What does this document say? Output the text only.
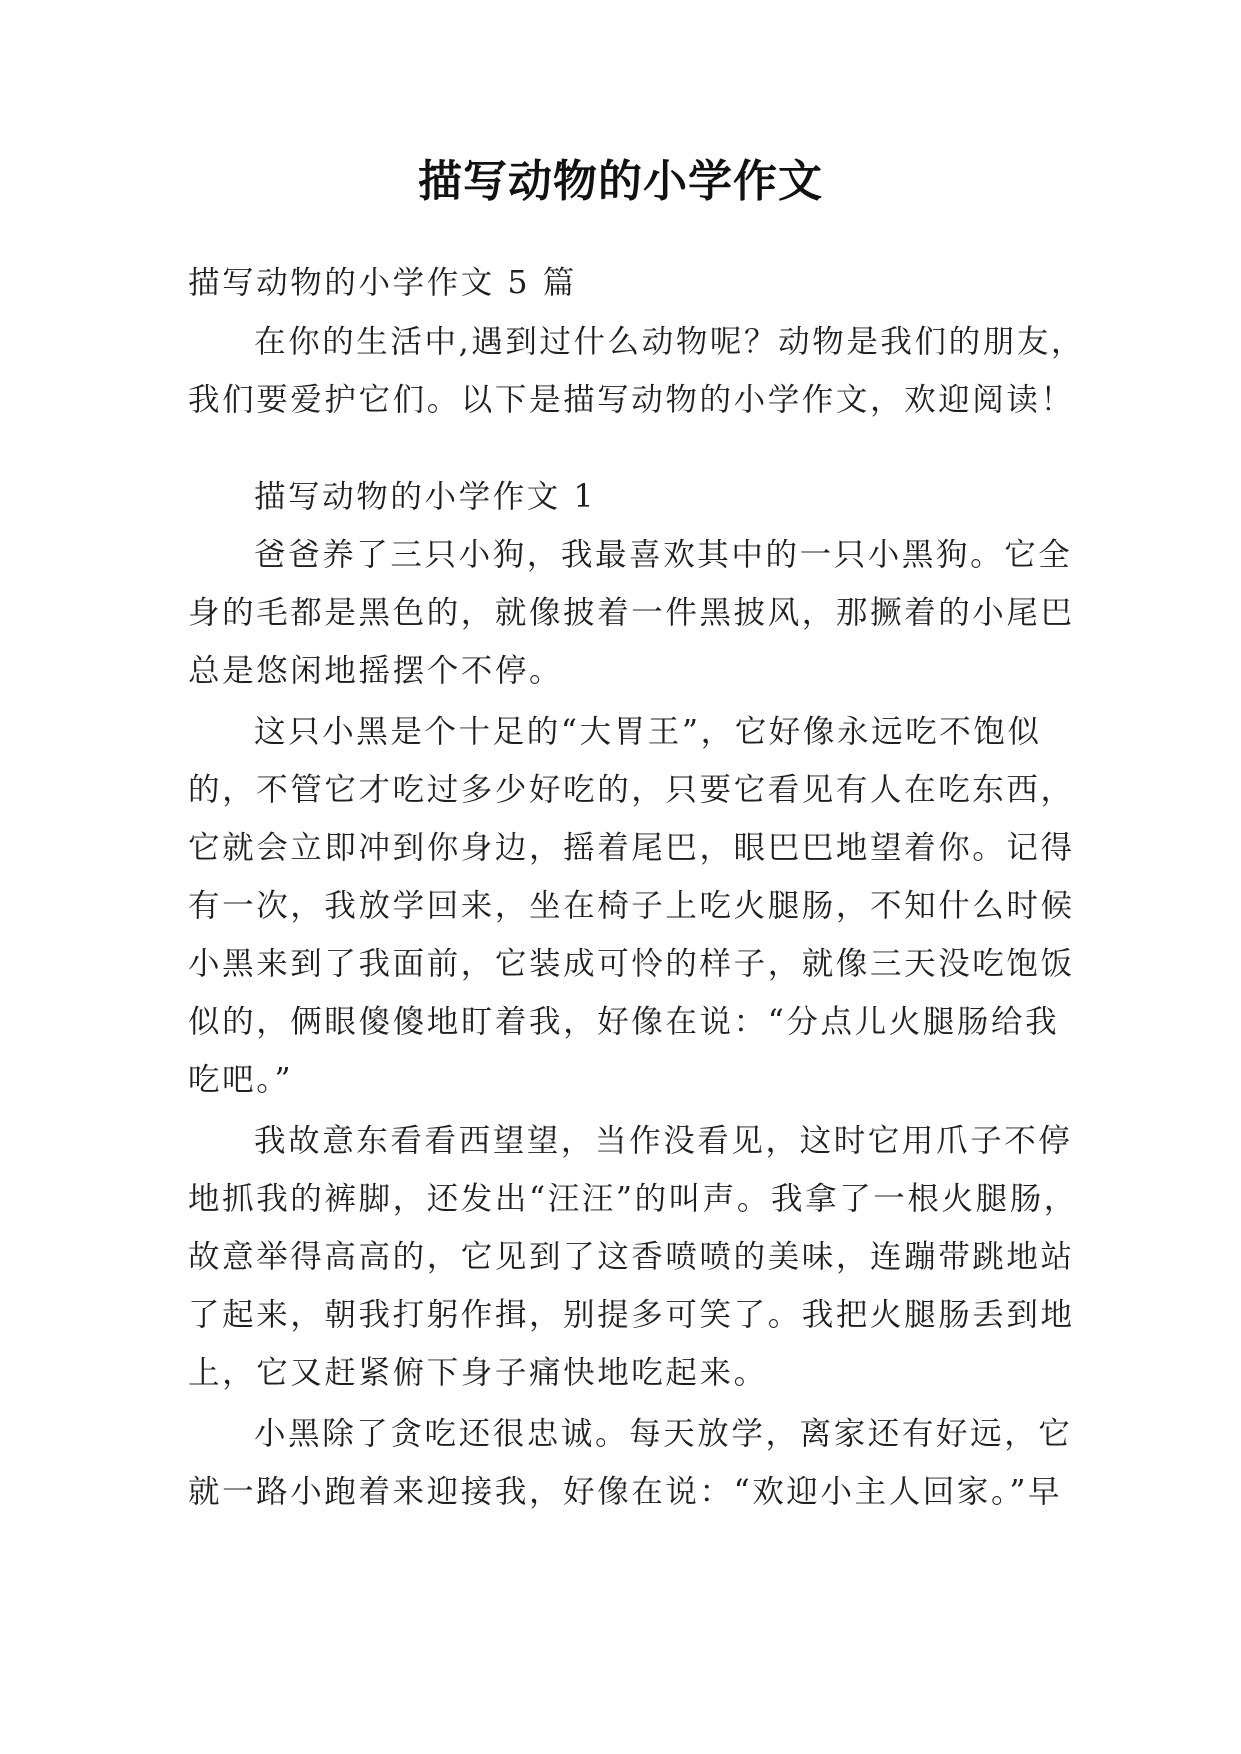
描写动物的小学作文
描写动物的小学作文 5 篇
在你的生活中,遇到过什么动物呢？动物是我们的朋友，
我们要爱护它们。以下是描写动物的小学作文，欢迎阅读！
描写动物的小学作文 1
爸爸养了三只小狗，我最喜欢其中的一只小黑狗。它全
身的毛都是黑色的，就像披着一件黑披风，那撅着的小尾巴
总是悠闲地摇摆个不停。
这只小黑是个十足的“大胃王”，它好像永远吃不饱似
的，不管它才吃过多少好吃的，只要它看见有人在吃东西，
它就会立即冲到你身边，摇着尾巴，眼巴巴地望着你。记得
有一次，我放学回来，坐在椅子上吃火腿肠，不知什么时候
小黑来到了我面前，它装成可怜的样子，就像三天没吃饱饭
似的，俩眼傻傻地盯着我，好像在说：“分点儿火腿肠给我
吃吧。”
我故意东看看西望望，当作没看见，这时它用爪子不停
地抓我的裤脚，还发出“汪汪”的叫声。我拿了一根火腿肠，
故意举得高高的，它见到了这香喷喷的美味，连蹦带跳地站
了起来，朝我打躬作揖，别提多可笑了。我把火腿肠丢到地
上，它又赶紧俯下身子痛快地吃起来。
小黑除了贪吃还很忠诚。每天放学，离家还有好远，它
就一路小跑着来迎接我，好像在说：“欢迎小主人回家。”早
